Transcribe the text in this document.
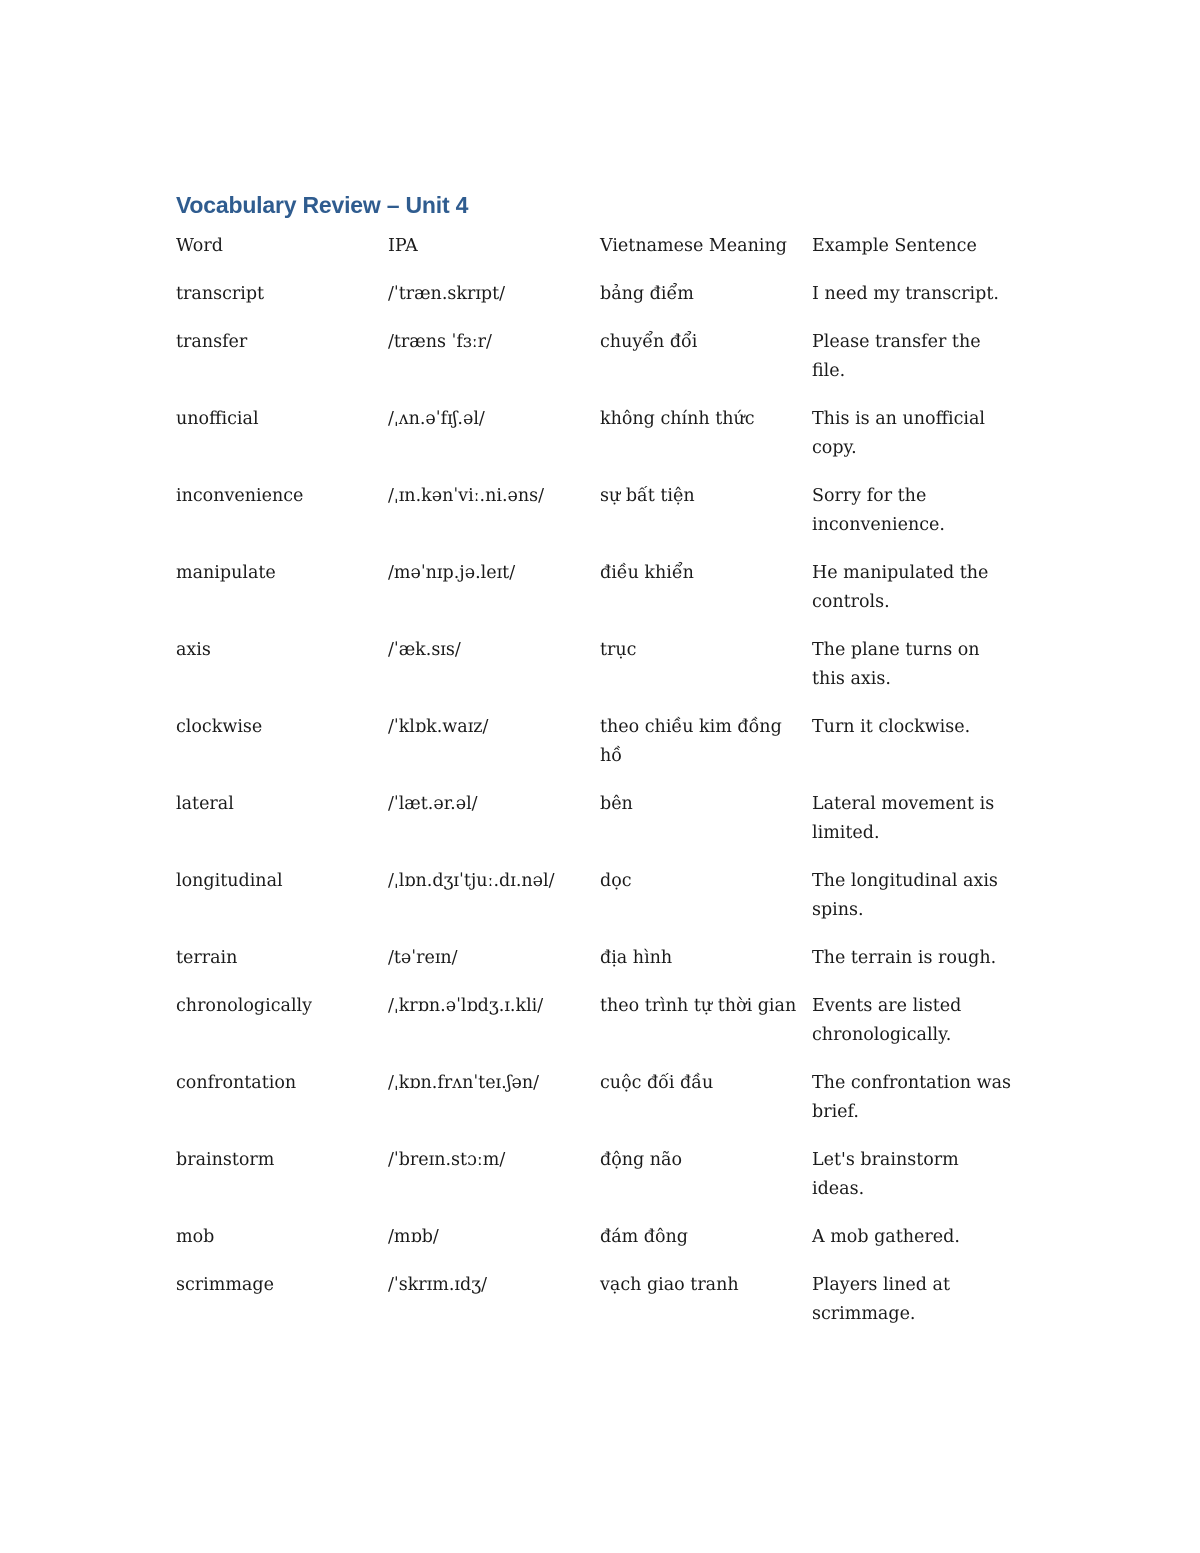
Vocabulary Review – Unit 4
Word	IPA	Vietnamese Meaning	Example Sentence
transcript	/ˈtræn.skrɪpt/	bảng điểm	I need my transcript.
transfer	/træns ˈfɜːr/	chuyển đổi	Please transfer the file.
unofficial	/ˌʌn.əˈfɪʃ.əl/	không chính thức	This is an unofficial copy.
inconvenience	/ˌɪn.kənˈviː.ni.əns/	sự bất tiện	Sorry for the inconvenience.
manipulate	/məˈnɪp.jə.leɪt/	điều khiển	He manipulated the controls.
axis	/ˈæk.sɪs/	trục	The plane turns on this axis.
clockwise	/ˈklɒk.waɪz/	theo chiều kim đồng hồ	Turn it clockwise.
lateral	/ˈlæt.ər.əl/	bên	Lateral movement is limited.
longitudinal	/ˌlɒn.dʒɪˈtjuː.dɪ.nəl/	dọc	The longitudinal axis spins.
terrain	/təˈreɪn/	địa hình	The terrain is rough.
chronologically	/ˌkrɒn.əˈlɒdʒ.ɪ.kli/	theo trình tự thời gian	Events are listed chronologically.
confrontation	/ˌkɒn.frʌnˈteɪ.ʃən/	cuộc đối đầu	The confrontation was brief.
brainstorm	/ˈbreɪn.stɔːm/	động não	Let's brainstorm ideas.
mob	/mɒb/	đám đông	A mob gathered.
scrimmage	/ˈskrɪm.ɪdʒ/	vạch giao tranh	Players lined at scrimmage.
